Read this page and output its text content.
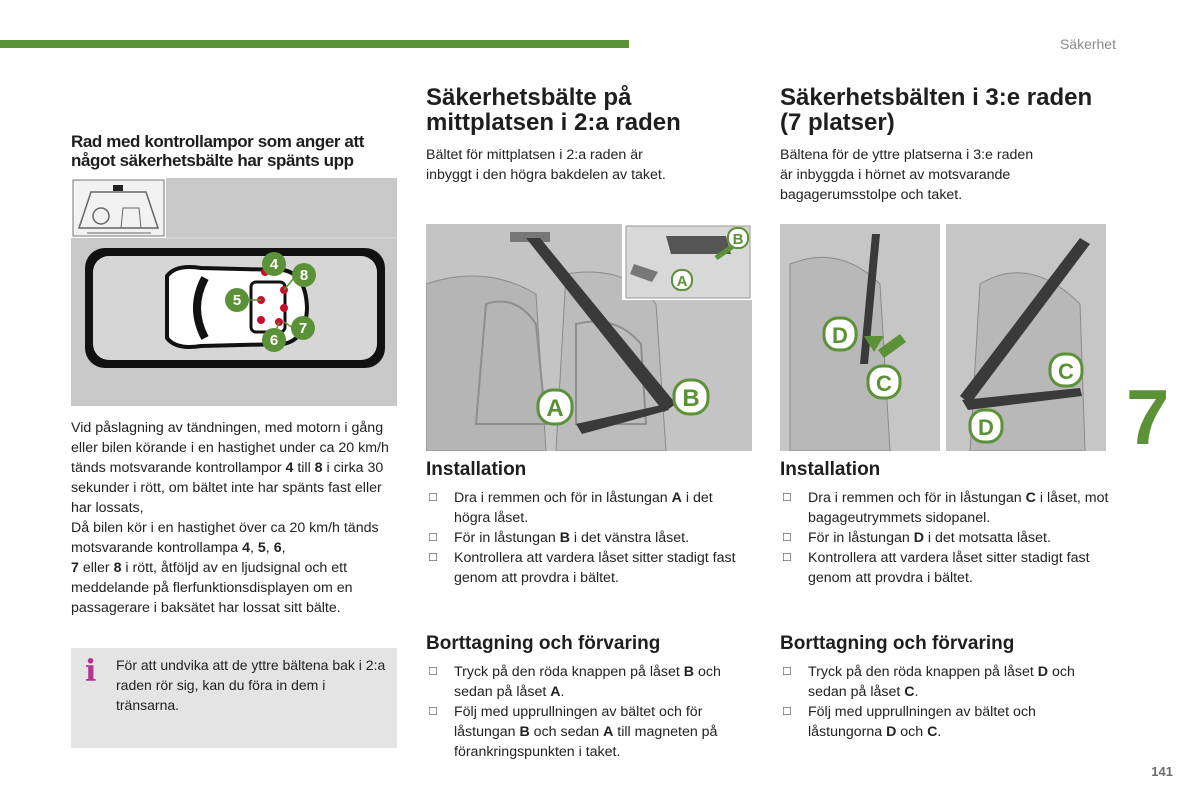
Säkerhet
7
141
Rad med kontrollampor som anger att
något säkerhetsbälte har spänts upp
4
8
5
7
6
Vid påslagning av tändningen, med motorn i gång eller bilen körande i en hastighet under ca 20 km/h tänds motsvarande kontrollampor 4 till 8 i cirka 30 sekunder i rött, om bältet inte har spänts fast eller har lossats,
Då bilen kör i en hastighet över ca 20 km/h tänds motsvarande kontrollampa 4, 5, 6,
7 eller 8 i rött, åtföljd av en ljudsignal och ett meddelande på flerfunktionsdisplayen om en passagerare i baksätet har lossat sitt bälte.
i För att undvika att de yttre bältena bak i 2:a raden rör sig, kan du föra in dem i tränsarna.
Säkerhetsbälte på
mittplatsen i 2:a raden
Bältet för mittplatsen i 2:a raden är
inbyggt i den högra bakdelen av taket.
B
A
A	B
Installation
☐ Dra i remmen och för in låstungan A i det högra låset.
☐ För in låstungan B i det vänstra låset.
☐ Kontrollera att vardera låset sitter stadigt fast genom att provdra i bältet.
Borttagning och förvaring
☐ Tryck på den röda knappen på låset B och sedan på låset A.
☐ Följ med upprullningen av bältet och för låstungan B och sedan A till magneten på förankringspunkten i taket.
Säkerhetsbälten i 3:e raden
(7 platser)
Bältena för de yttre platserna i 3:e raden
är inbyggda i hörnet av motsvarande
bagagerumsstolpe och taket.
D
C	C
D
Installation
☐ Dra i remmen och för in låstungan C i låset, mot bagageutrymmets sidopanel.
☐ För in låstungan D i det motsatta låset.
☐ Kontrollera att vardera låset sitter stadigt fast genom att provdra i bältet.
Borttagning och förvaring
☐ Tryck på den röda knappen på låset D och sedan på låset C.
☐ Följ med upprullningen av bältet och låstungorna D och C.
